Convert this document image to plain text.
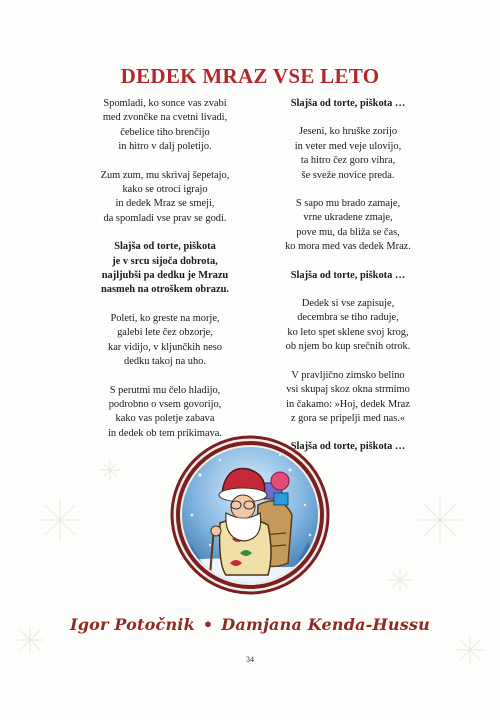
DEDEK MRAZ VSE LETO
Spomladi, ko sonce vas zvabi
med zvončke na cvetni livadi,
čebelice tiho brenčijo
in hitro v dalj poletijo.
Zum zum, mu skrivaj šepetajo,
kako se otroci igrajo
in dedek Mraz se smeji,
da spomladi vse prav se godi.
Slajša od torte, piškota
je v srcu sijoča dobrota,
najljubši pa dedku je Mrazu
nasmeh na otroškem obrazu.
Poleti, ko greste na morje,
galebi lete čez obzorje,
kar vidijo, v kljunčkih neso
dedku takoj na uho.
S perutmi mu čelo hladijo,
podrobno o vsem govorijo,
kako vas poletje zabava
in dedek ob tem prikimava.
Slajša od torte, piškota …
Jeseni, ko hruške zorijo
in veter med veje ulovijo,
ta hitro čez goro vihra,
še sveže novice preda.
S sapo mu brado zamaje,
vrne ukradene zmaje,
pove mu, da bliža se čas,
ko mora med vas dedek Mraz.
Slajša od torte, piškota …
Dedek si vse zapisuje,
decembra se tiho raduje,
ko leto spet sklene svoj krog,
ob njem bo kup srečnih otrok.
V pravljično zimsko belino
vsi skupaj skoz okna strmimo
in čakamo: »Hoj, dedek Mraz
z gora se pripelji med nas.«
Slajša od torte, piškota …
Igor Potočnik • Damjana Kenda-Hussu
34
